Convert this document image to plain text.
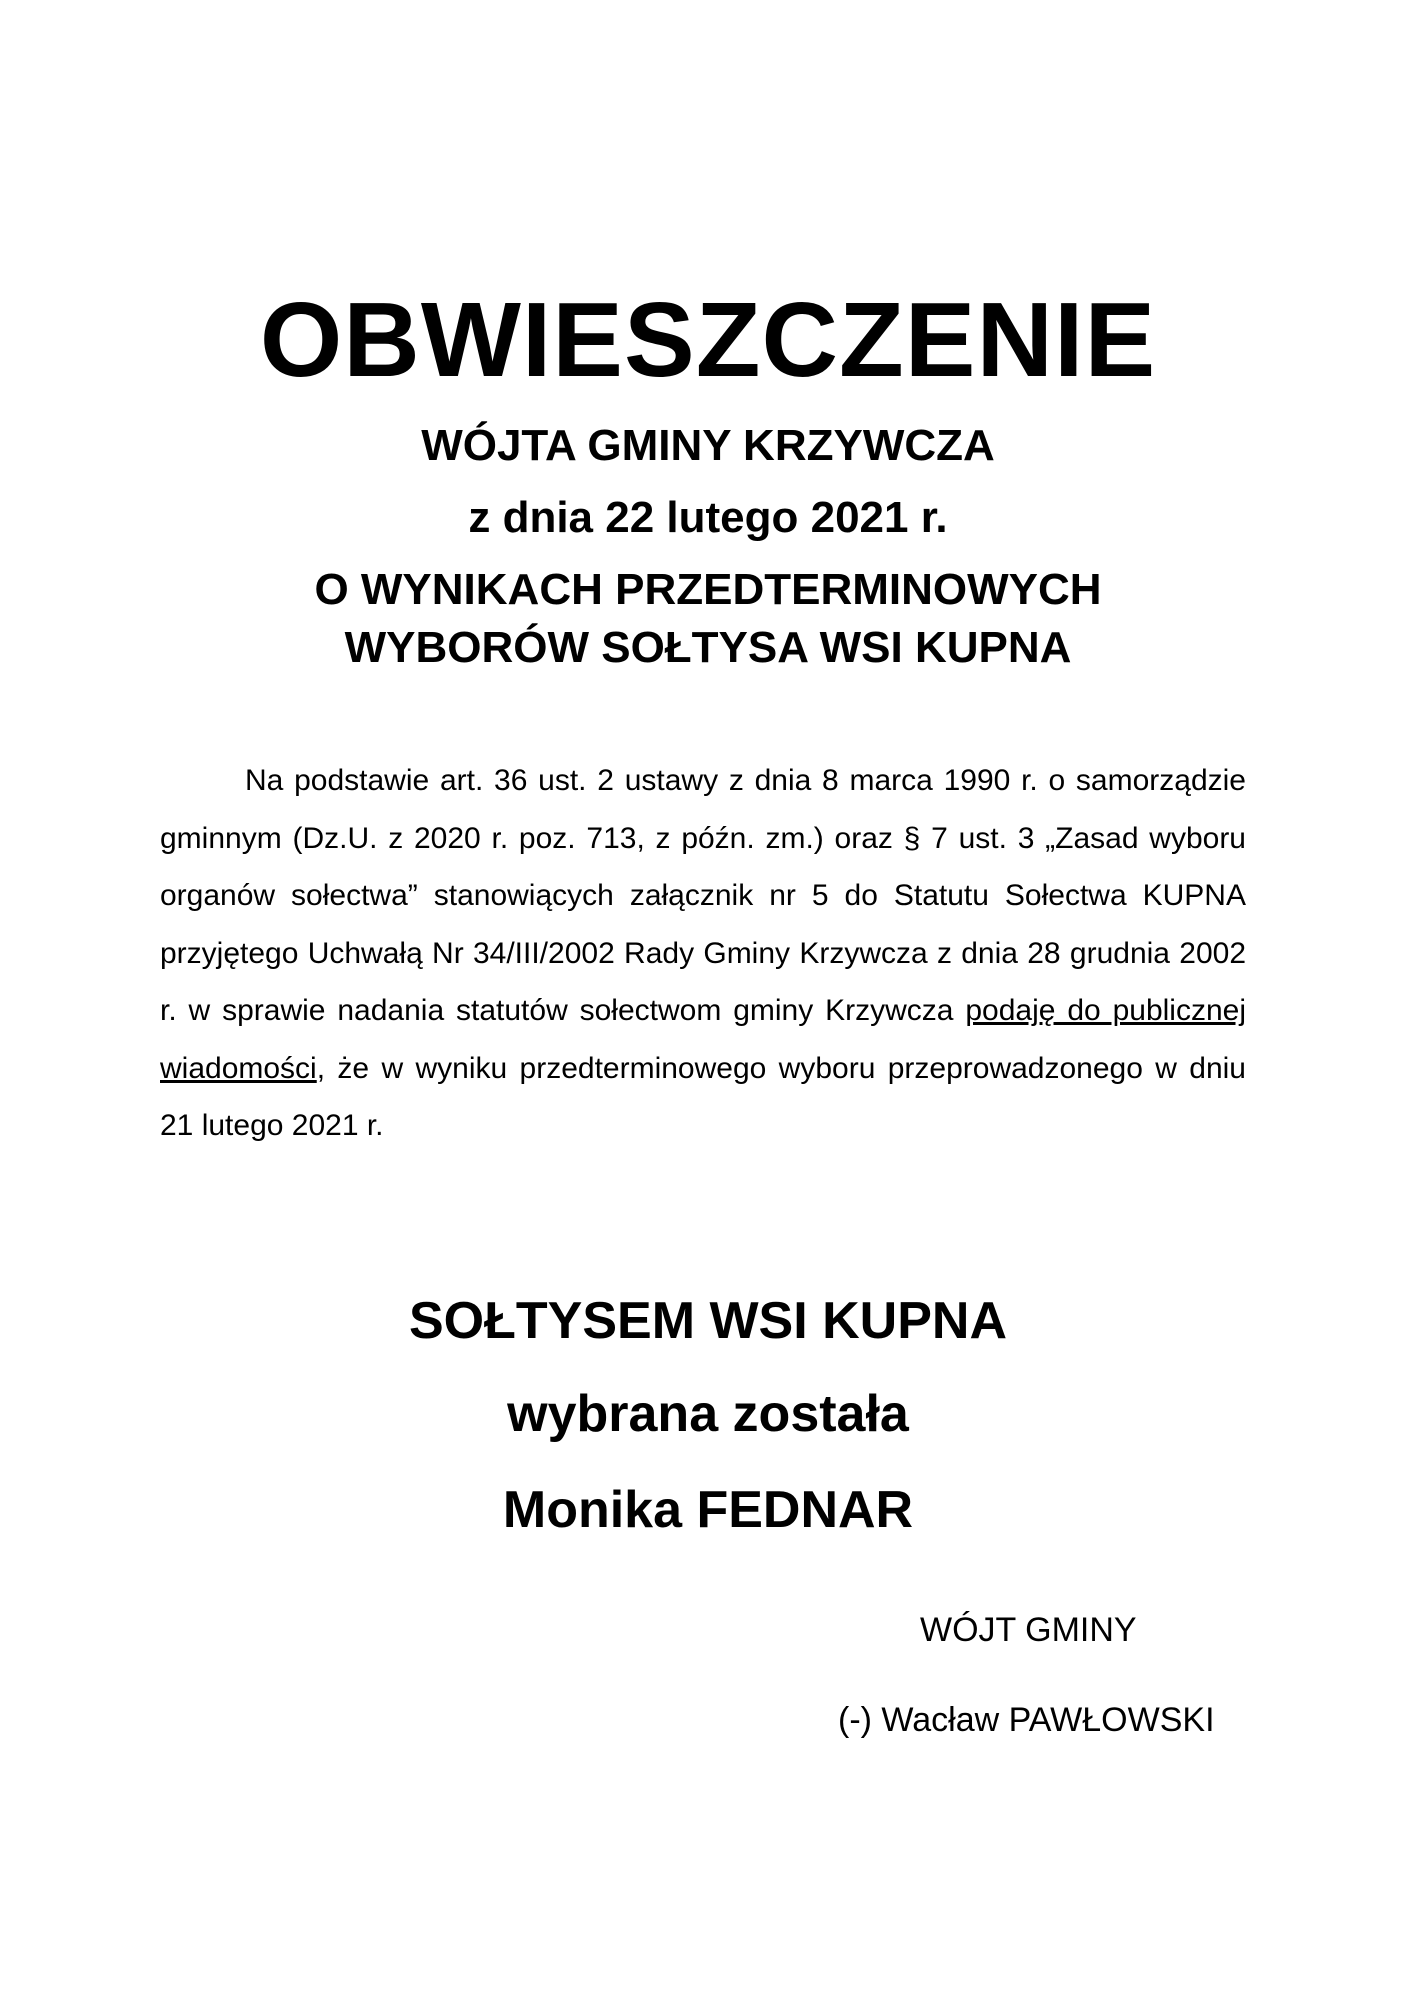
OBWIESZCZENIE
WÓJTA GMINY KRZYWCZA
z dnia 22 lutego 2021 r.
O WYNIKACH PRZEDTERMINOWYCH
WYBORÓW SOŁTYSA WSI KUPNA

Na podstawie art. 36 ust. 2 ustawy z dnia 8 marca 1990 r. o samorządzie gminnym (Dz.U. z 2020 r. poz. 713, z późn. zm.) oraz § 7 ust. 3 „Zasad wyboru organów sołectwa” stanowiących załącznik nr 5 do Statutu Sołectwa KUPNA przyjętego Uchwałą Nr 34/III/2002 Rady Gminy Krzywcza z dnia 28 grudnia 2002 r. w sprawie nadania statutów sołectwom gminy Krzywcza podaję do publicznej wiadomości, że w wyniku przedterminowego wyboru przeprowadzonego w dniu 21 lutego 2021 r.

SOŁTYSEM WSI KUPNA
wybrana została
Monika FEDNAR
WÓJT GMINY
(-) Wacław PAWŁOWSKI
